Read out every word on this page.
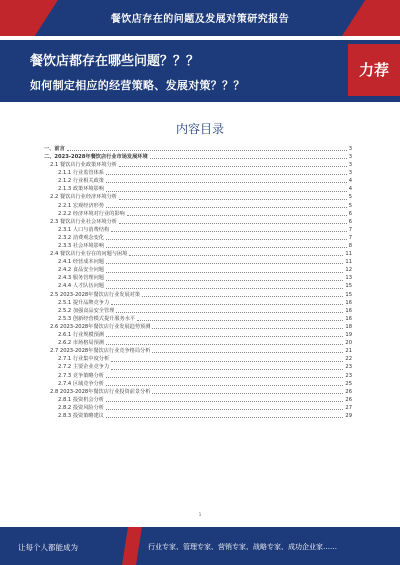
餐饮店存在的问题及发展对策研究报告
餐饮店都存在哪些问题？？？
如何制定相应的经营策略、发展对策？？？
力荐
内容目录
一、前言	3
二、2023-2028年餐饮店行业市场发展环境	3
2.1 餐饮店行业政策环境分析	3
2.1.1 行业监管体系	3
2.1.2 行业相关政策	4
2.1.3 政策环境影响	4
2.2 餐饮店行业经济环境分析	5
2.2.1 宏观经济形势	5
2.2.2 经济环境对行业的影响	6
2.3 餐饮店行业社会环境分析	6
2.3.1 人口与消费结构	7
2.3.2 消费观念变化	7
2.3.3 社会环境影响	8
2.4 餐饮店行业存在的问题与困境	11
2.4.1 经营成本问题	11
2.4.2 食品安全问题	12
2.4.3 服务管理问题	13
2.4.4 人才队伍问题	15
2.5 2023-2028年餐饮店行业发展对策	15
2.5.1 提升品牌竞争力	16
2.5.2 加强食品安全管理	16
2.5.3 创新经营模式提升服务水平	16
2.6 2023-2028年餐饮店行业发展趋势预测	18
2.6.1 行业规模预测	19
2.6.2 市场格局预测	20
2.7 2023-2028年餐饮店行业竞争格局分析	21
2.7.1 行业集中度分析	22
2.7.2 主要企业竞争力	23
2.7.3 竞争策略分析	23
2.7.4 区域竞争分析	25
2.8 2023-2028年餐饮店行业投资前景分析	26
2.8.1 投资机会分析	26
2.8.2 投资风险分析	27
2.8.3 投资策略建议	29
1
让每个人都能成为	行业专家、管理专家、营销专家、战略专家、成功企业家……
